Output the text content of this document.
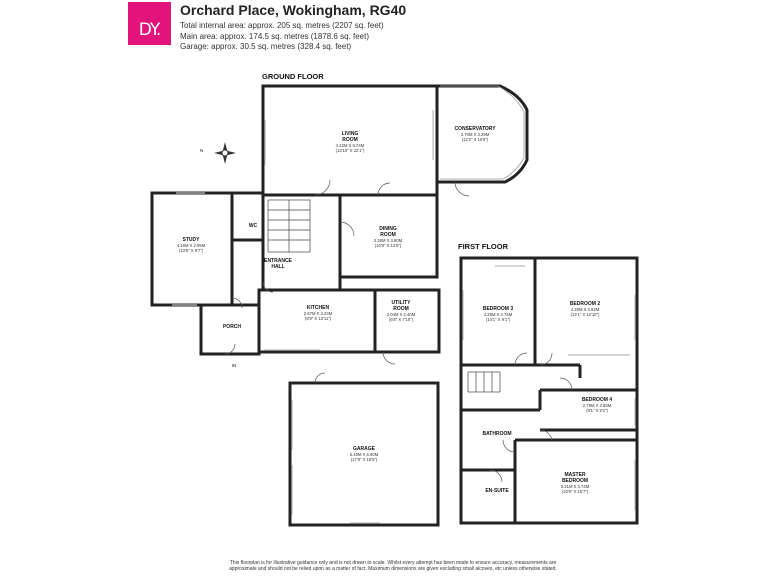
DY.
Orchard Place, Wokingham, RG40
Total internal area: approx. 205 sq. metres (2207 sq. feet)
Main area: approx. 174.5 sq. metres (1878.6 sq. feet)
Garage: approx. 30.5 sq. metres (328.4 sq. feet)
GROUND FLOOR
FIRST FLOOR
N
LIVING
ROOM
4.22M X 6.74M
(13'10" X 22'1")
CONSERVATORY
3.70M X 3.29M
(12'2" X 10'9")
DINING
ROOM
3.26M X 3.80M
(10'8" X 12'6")
STUDY
4.16M X 2.95M
(13'8" X 9'7")
WC
ENTRANCE
HALL
KITCHEN
2.67M X 4.23M
(8'9" X 13'11")
UTILITY
ROOM
2.04M X 2.40M
(6'8" X 7'10")
PORCH
IN
GARAGE
5.46M X 5.60M
(17'9" X 18'5")
BEDROOM 3
4.28M X 2.76M
(14'1" X 9'1")
BEDROOM 2
4.28M X 3.92M
(14'1" X 12'10")
BEDROOM 4
2.78M X 2.85M
(9'1" X 9'2")
BATHROOM
EN-SUITE
MASTER
BEDROOM
3.31M X 4.74M
(10'6" X 15'7")
This floorplan is for illustrative guidance only and is not drawn to scale. Whilst every attempt has been made to ensure accuracy, measurements are
approximate and should not be relied upon as a matter of fact. Maximum dimensions are given excluding small alcoves, etc unless otherwise stated.
